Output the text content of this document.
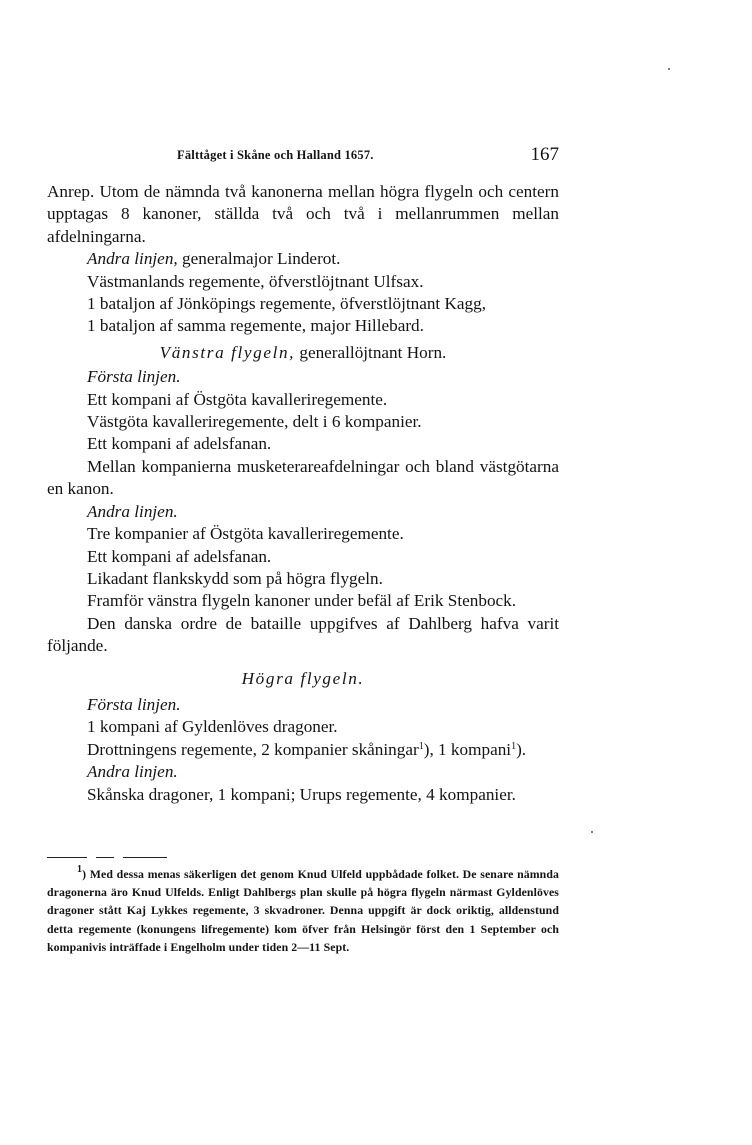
Fälttåget i Skåne och Halland 1657.	167

Anrep. Utom de nämnda två kanonerna mellan högra flygeln och centern upptagas 8 kanoner, ställda två och två i mellanrummen mellan afdelningarna.

Andra linjen, generalmajor Linderot.

Västmanlands regemente, öfverstlöjtnant Ulfsax.

1 bataljon af Jönköpings regemente, öfverstlöjtnant Kagg,

1 bataljon af samma regemente, major Hillebard.

Vänstra flygeln, generallöjtnant Horn.

Första linjen.

Ett kompani af Östgöta kavalleriregemente.

Västgöta kavalleriregemente, delt i 6 kompanier.

Ett kompani af adelsfanan.

Mellan kompanierna musketerareafdelningar och bland västgötarna en kanon.

Andra linjen.

Tre kompanier af Östgöta kavalleriregemente.

Ett kompani af adelsfanan.

Likadant flankskydd som på högra flygeln.

Framför vänstra flygeln kanoner under befäl af Erik Stenbock.

Den danska ordre de bataille uppgifves af Dahlberg hafva varit följande.

Högra flygeln.

Första linjen.

1 kompani af Gyldenlöves dragoner.

Drottningens regemente, 2 kompanier skåningar$^1$), 1 kompani$^1$).

Andra linjen.

Skånska dragoner, 1 kompani; Urups regemente, 4 kompanier.

$^1$) Med dessa menas säkerligen det genom Knud Ulfeld uppbådade folket. De senare nämnda dragonerna äro Knud Ulfelds. Enligt Dahlbergs plan skulle på högra flygeln närmast Gyldenlöves dragoner stått Kaj Lykkes regemente, 3 skvadroner. Denna uppgift är dock oriktig, alldenstund detta regemente (konungens lifregemente) kom öfver från Helsingör först den 1 September och kompanivis inträffade i Engelholm under tiden 2—11 Sept.
